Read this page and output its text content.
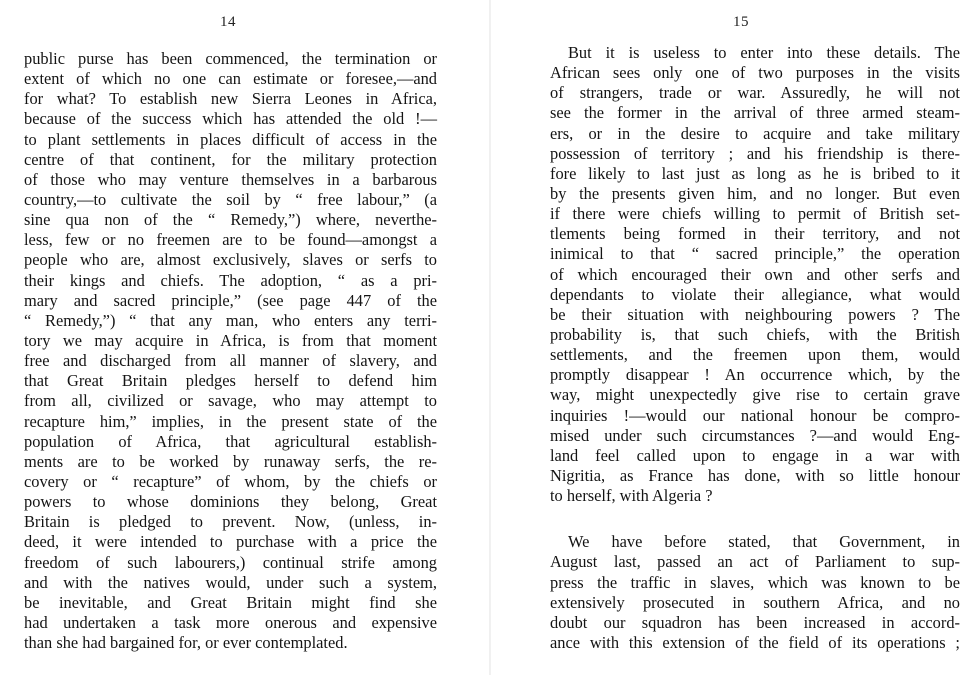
14
public purse has been commenced, the termination or
extent of which no one can estimate or foresee,—and
for what? To establish new Sierra Leones in Africa,
because of the success which has attended the old !—
to plant settlements in places difficult of access in the
centre of that continent, for the military protection
of those who may venture themselves in a barbarous
country,—to cultivate the soil by “ free labour,” (a
sine qua non of the “ Remedy,”) where, neverthe-
less, few or no freemen are to be found—amongst a
people who are, almost exclusively, slaves or serfs to
their kings and chiefs. The adoption, “ as a pri-
mary and sacred principle,” (see page 447 of the
“ Remedy,”) “ that any man, who enters any terri-
tory we may acquire in Africa, is from that moment
free and discharged from all manner of slavery, and
that Great Britain pledges herself to defend him
from all, civilized or savage, who may attempt to
recapture him,” implies, in the present state of the
population of Africa, that agricultural establish-
ments are to be worked by runaway serfs, the re-
covery or “ recapture” of whom, by the chiefs or
powers to whose dominions they belong, Great
Britain is pledged to prevent. Now, (unless, in-
deed, it were intended to purchase with a price the
freedom of such labourers,) continual strife among
and with the natives would, under such a system,
be inevitable, and Great Britain might find she
had undertaken a task more onerous and expensive
than she had bargained for, or ever contemplated.
15
But it is useless to enter into these details. The
African sees only one of two purposes in the visits
of strangers, trade or war. Assuredly, he will not
see the former in the arrival of three armed steam-
ers, or in the desire to acquire and take military
possession of territory ; and his friendship is there-
fore likely to last just as long as he is bribed to it
by the presents given him, and no longer. But even
if there were chiefs willing to permit of British set-
tlements being formed in their territory, and not
inimical to that “ sacred principle,” the operation
of which encouraged their own and other serfs and
dependants to violate their allegiance, what would
be their situation with neighbouring powers ? The
probability is, that such chiefs, with the British
settlements, and the freemen upon them, would
promptly disappear ! An occurrence which, by the
way, might unexpectedly give rise to certain grave
inquiries !—would our national honour be compro-
mised under such circumstances ?—and would Eng-
land feel called upon to engage in a war with
Nigritia, as France has done, with so little honour
to herself, with Algeria ?
We have before stated, that Government, in
August last, passed an act of Parliament to sup-
press the traffic in slaves, which was known to be
extensively prosecuted in southern Africa, and no
doubt our squadron has been increased in accord-
ance with this extension of the field of its operations ;
